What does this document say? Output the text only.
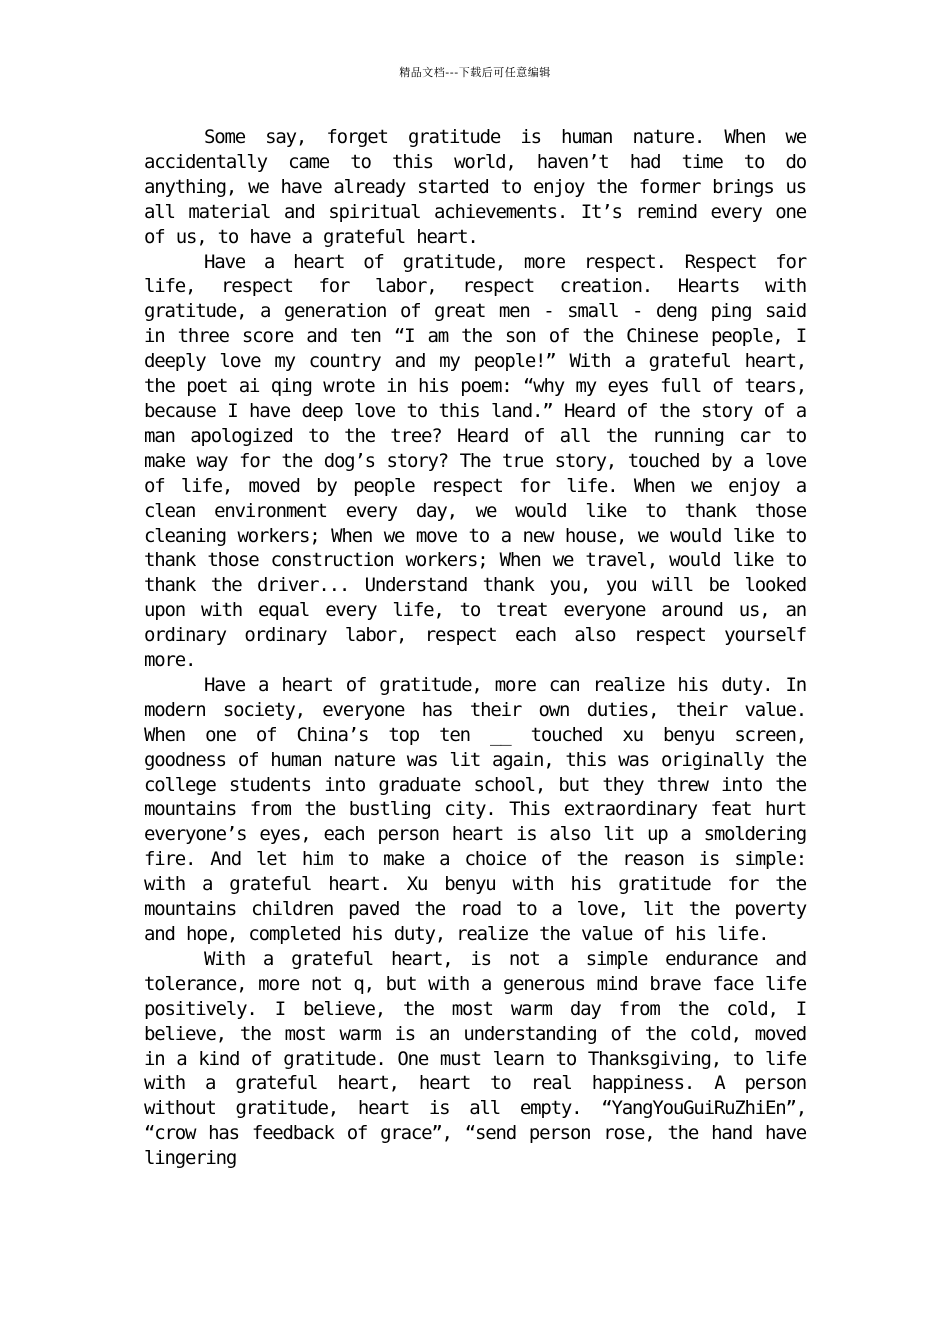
精品文档---下载后可任意编辑

Some say, forget gratitude is human nature. When we accidentally came to this world, haven’t had time to do anything, we have already started to enjoy the former brings us all material and spiritual achievements. It’s remind every one of us, to have a grateful heart.

Have a heart of gratitude, more respect. Respect for life, respect for labor, respect creation. Hearts with gratitude, a generation of great men - small - deng ping said in three score and ten “I am the son of the Chinese people, I deeply love my country and my people!” With a grateful heart, the poet ai qing wrote in his poem: “why my eyes full of tears, because I have deep love to this land.” Heard of the story of a man apologized to the tree? Heard of all the running car to make way for the dog’s story? The true story, touched by a love of life, moved by people respect for life. When we enjoy a clean environment every day, we would like to thank those cleaning workers; When we move to a new house, we would like to thank those construction workers; When we travel, would like to thank the driver... Understand thank you, you will be looked upon with equal every life, to treat everyone around us, an ordinary ordinary labor, respect each also respect yourself more.

Have a heart of gratitude, more can realize his duty. In modern society, everyone has their own duties, their value. When one of China’s top ten __ touched xu benyu screen, goodness of human nature was lit again, this was originally the college students into graduate school, but they threw into the mountains from the bustling city. This extraordinary feat hurt everyone’s eyes, each person heart is also lit up a smoldering fire. And let him to make a choice of the reason is simple: with a grateful heart. Xu benyu with his gratitude for the mountains children paved the road to a love, lit the poverty and hope, completed his duty, realize the value of his life.

With a grateful heart, is not a simple endurance and tolerance, more not q, but with a generous mind brave face life positively. I believe, the most warm day from the cold, I believe, the most warm is an understanding of the cold, moved in a kind of gratitude. One must learn to Thanksgiving, to life with a grateful heart, heart to real happiness. A person without gratitude, heart is all empty. “YangYouGuiRuZhiEn”, “crow has feedback of grace”, “send person rose, the hand have lingering
